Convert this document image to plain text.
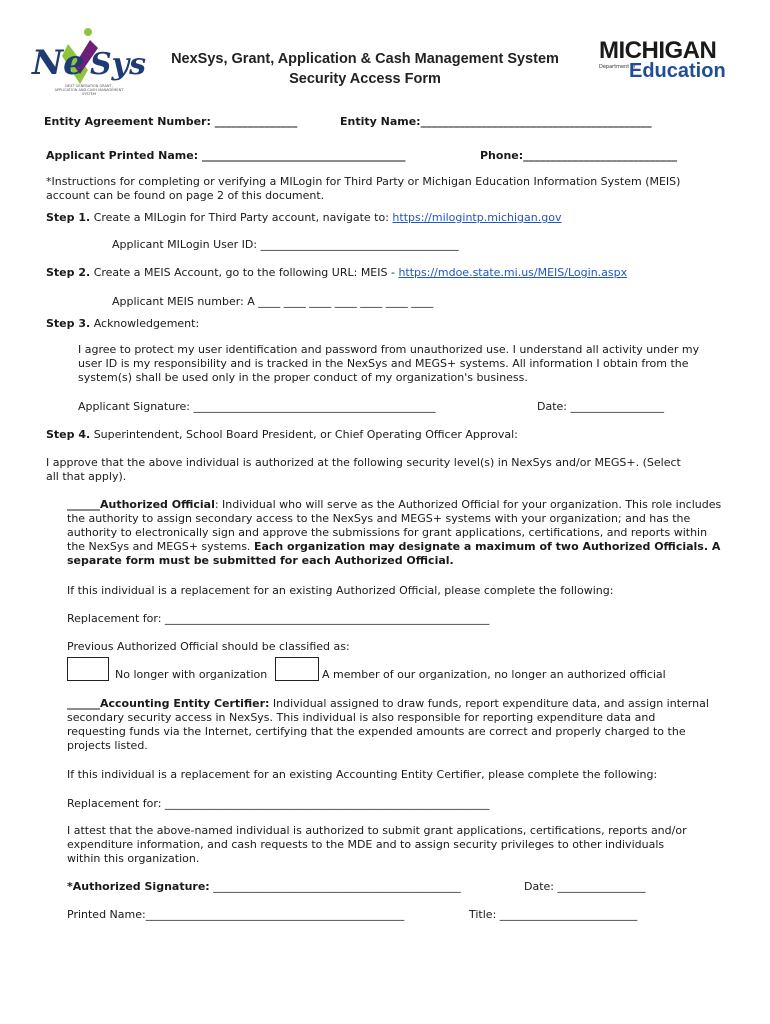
Ne Sys
NEXT GENERATION GRANT, APPLICATION AND CASH MANAGEMENT SYSTEM
NexSys, Grant, Application & Cash Management System
Security Access Form
MICHIGAN
Department of
Education
Entity Agreement Number: _______________	Entity Name:__________________________________________
Applicant Printed Name: _____________________________________	Phone:____________________________
*Instructions for completing or verifying a MILogin for Third Party or Michigan Education Information System (MEIS) account can be found on page 2 of this document.
Step 1. Create a MILogin for Third Party account, navigate to: https://milogintp.michigan.gov
Applicant MILogin User ID: ____________________________________
Step 2. Create a MEIS Account, go to the following URL: MEIS - https://mdoe.state.mi.us/MEIS/Login.aspx
Applicant MEIS number: A ____ ____ ____ ____ ____ ____ ____
Step 3. Acknowledgement:
I agree to protect my user identification and password from unauthorized use. I understand all activity under my user ID is my responsibility and is tracked in the NexSys and MEGS+ systems. All information I obtain from the system(s) shall be used only in the proper conduct of my organization's business.
Applicant Signature: ____________________________________________	Date: _________________
Step 4. Superintendent, School Board President, or Chief Operating Officer Approval:
I approve that the above individual is authorized at the following security level(s) in NexSys and/or MEGS+. (Select all that apply).
______Authorized Official: Individual who will serve as the Authorized Official for your organization. This role includes the authority to assign secondary access to the NexSys and MEGS+ systems with your organization; and has the authority to electronically sign and approve the submissions for grant applications, certifications, and reports within the NexSys and MEGS+ systems. Each organization may designate a maximum of two Authorized Officials. A separate form must be submitted for each Authorized Official.
If this individual is a replacement for an existing Authorized Official, please complete the following:
Replacement for: ___________________________________________________________
Previous Authorized Official should be classified as:
No longer with organization	A member of our organization, no longer an authorized official
______Accounting Entity Certifier: Individual assigned to draw funds, report expenditure data, and assign internal secondary security access in NexSys. This individual is also responsible for reporting expenditure data and requesting funds via the Internet, certifying that the expended amounts are correct and properly charged to the projects listed.
If this individual is a replacement for an existing Accounting Entity Certifier, please complete the following:
Replacement for: ___________________________________________________________
I attest that the above-named individual is authorized to submit grant applications, certifications, reports and/or expenditure information, and cash requests to the MDE and to assign security privileges to other individuals within this organization.
*Authorized Signature: _____________________________________________	Date: ________________
Printed Name:_______________________________________________	Title: _________________________
